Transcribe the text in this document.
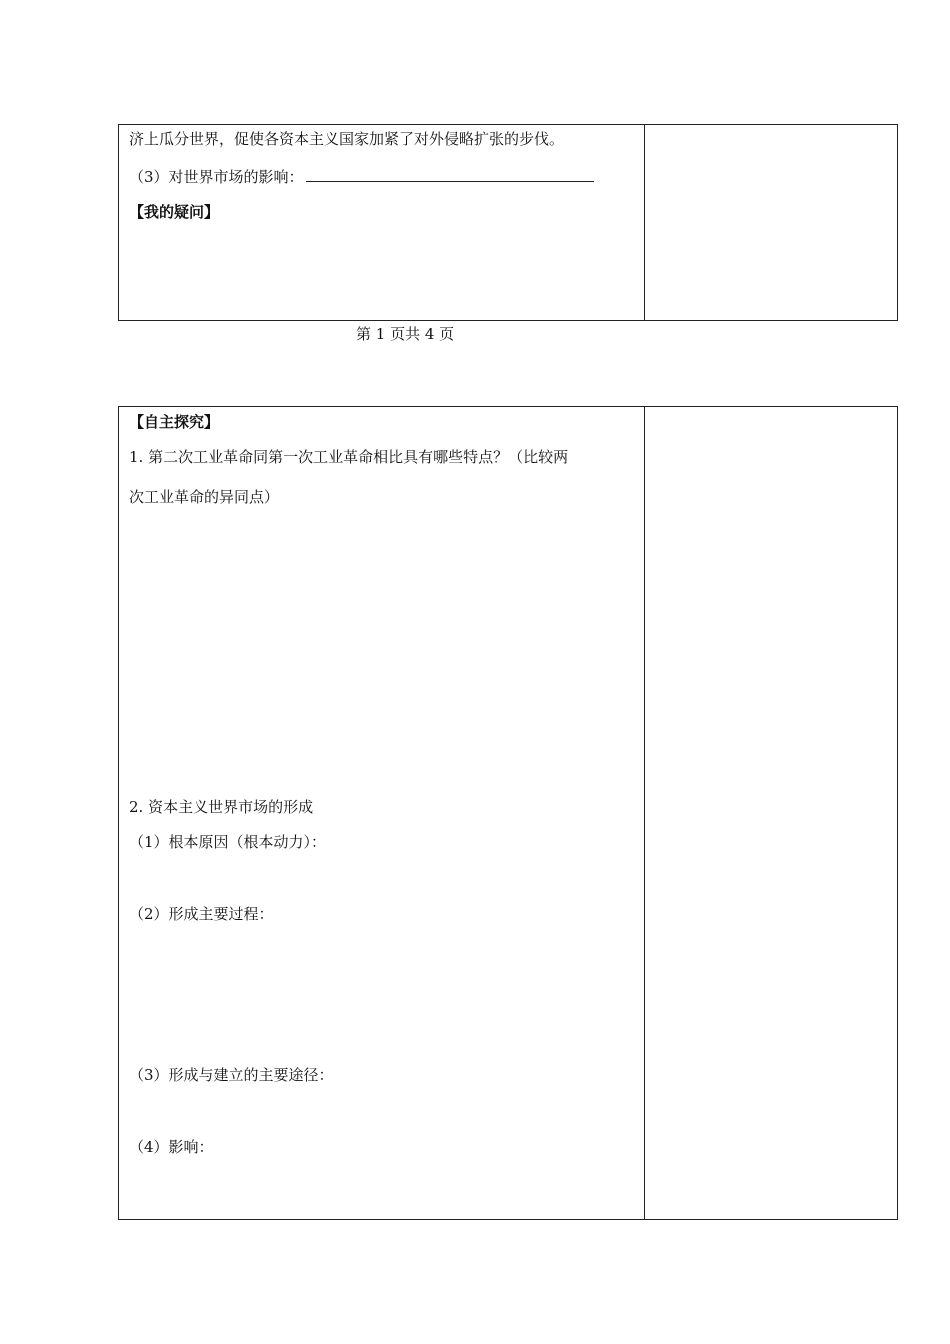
济上瓜分世界，促使各资本主义国家加紧了对外侵略扩张的步伐。
（3）对世界市场的影响：
【我的疑问】
第 1 页共 4 页
【自主探究】
1. 第二次工业革命同第一次工业革命相比具有哪些特点？（比较两
次工业革命的异同点）
2. 资本主义世界市场的形成
（1）根本原因（根本动力）：
（2）形成主要过程：
（3）形成与建立的主要途径：
（4）影响：
